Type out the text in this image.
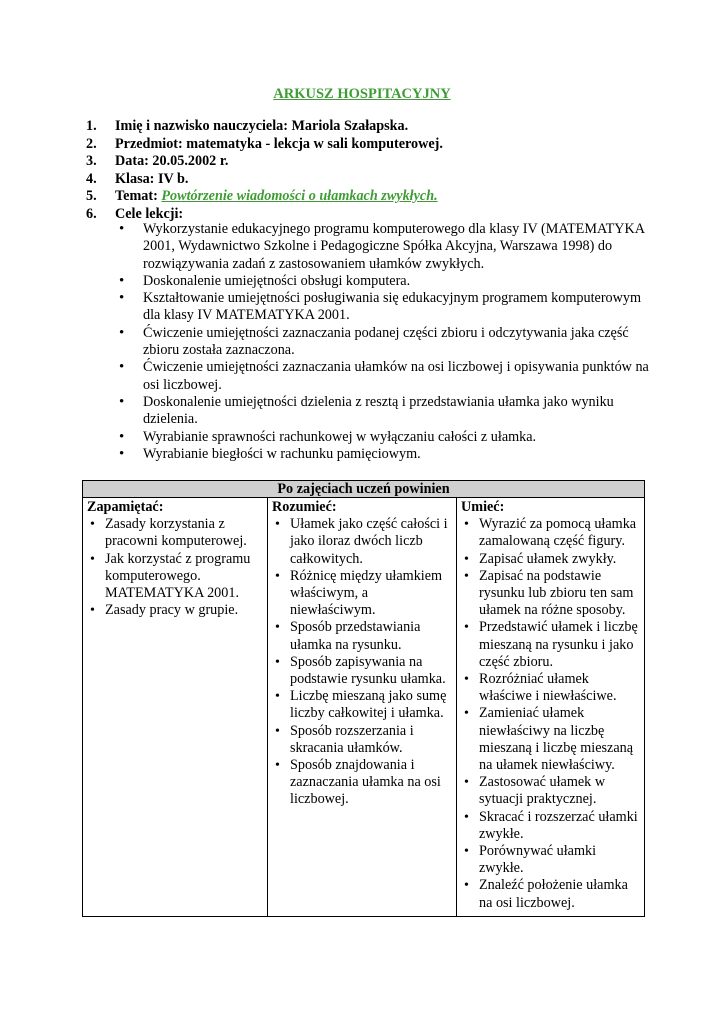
ARKUSZ HOSPITACYJNY
1. Imię i nazwisko nauczyciela: Mariola Szałapska.
2. Przedmiot: matematyka - lekcja w sali komputerowej.
3. Data: 20.05.2002 r.
4. Klasa: IV b.
5. Temat: Powtórzenie wiadomości o ułamkach zwykłych.
6. Cele lekcji:
• Wykorzystanie edukacyjnego programu komputerowego dla klasy IV (MATEMATYKA 2001, Wydawnictwo Szkolne i Pedagogiczne Spółka Akcyjna, Warszawa 1998) do rozwiązywania zadań z zastosowaniem ułamków zwykłych.
• Doskonalenie umiejętności obsługi komputera.
• Kształtowanie umiejętności posługiwania się edukacyjnym programem komputerowym dla klasy IV MATEMATYKA 2001.
• Ćwiczenie umiejętności zaznaczania podanej części zbioru i odczytywania jaka część zbioru została zaznaczona.
• Ćwiczenie umiejętności zaznaczania ułamków na osi liczbowej i opisywania punktów na osi liczbowej.
• Doskonalenie umiejętności dzielenia z resztą i przedstawiania ułamka jako wyniku dzielenia.
• Wyrabianie sprawności rachunkowej w wyłączaniu całości z ułamka.
• Wyrabianie biegłości w rachunku pamięciowym.
Po zajęciach uczeń powinien

Zapamiętać:
• Zasady korzystania z pracowni komputerowej.
• Jak korzystać z programu komputerowego. MATEMATYKA 2001.
• Zasady pracy w grupie.

Rozumieć:
• Ułamek jako część całości i jako iloraz dwóch liczb całkowitych.
• Różnicę między ułamkiem właściwym, a niewłaściwym.
• Sposób przedstawiania ułamka na rysunku.
• Sposób zapisywania na podstawie rysunku ułamka.
• Liczbę mieszaną jako sumę liczby całkowitej i ułamka.
• Sposób rozszerzania i skracania ułamków.
• Sposób znajdowania i zaznaczania ułamka na osi liczbowej.

Umieć:
• Wyrazić za pomocą ułamka zamalowaną część figury.
• Zapisać ułamek zwykły.
• Zapisać na podstawie rysunku lub zbioru ten sam ułamek na różne sposoby.
• Przedstawić ułamek i liczbę mieszaną na rysunku i jako część zbioru.
• Rozróżniać ułamek właściwe i niewłaściwe.
• Zamieniać ułamek niewłaściwy na liczbę mieszaną i liczbę mieszaną na ułamek niewłaściwy.
• Zastosować ułamek w sytuacji praktycznej.
• Skracać i rozszerzać ułamki zwykłe.
• Porównywać ułamki zwykłe.
• Znaleźć położenie ułamka na osi liczbowej.
